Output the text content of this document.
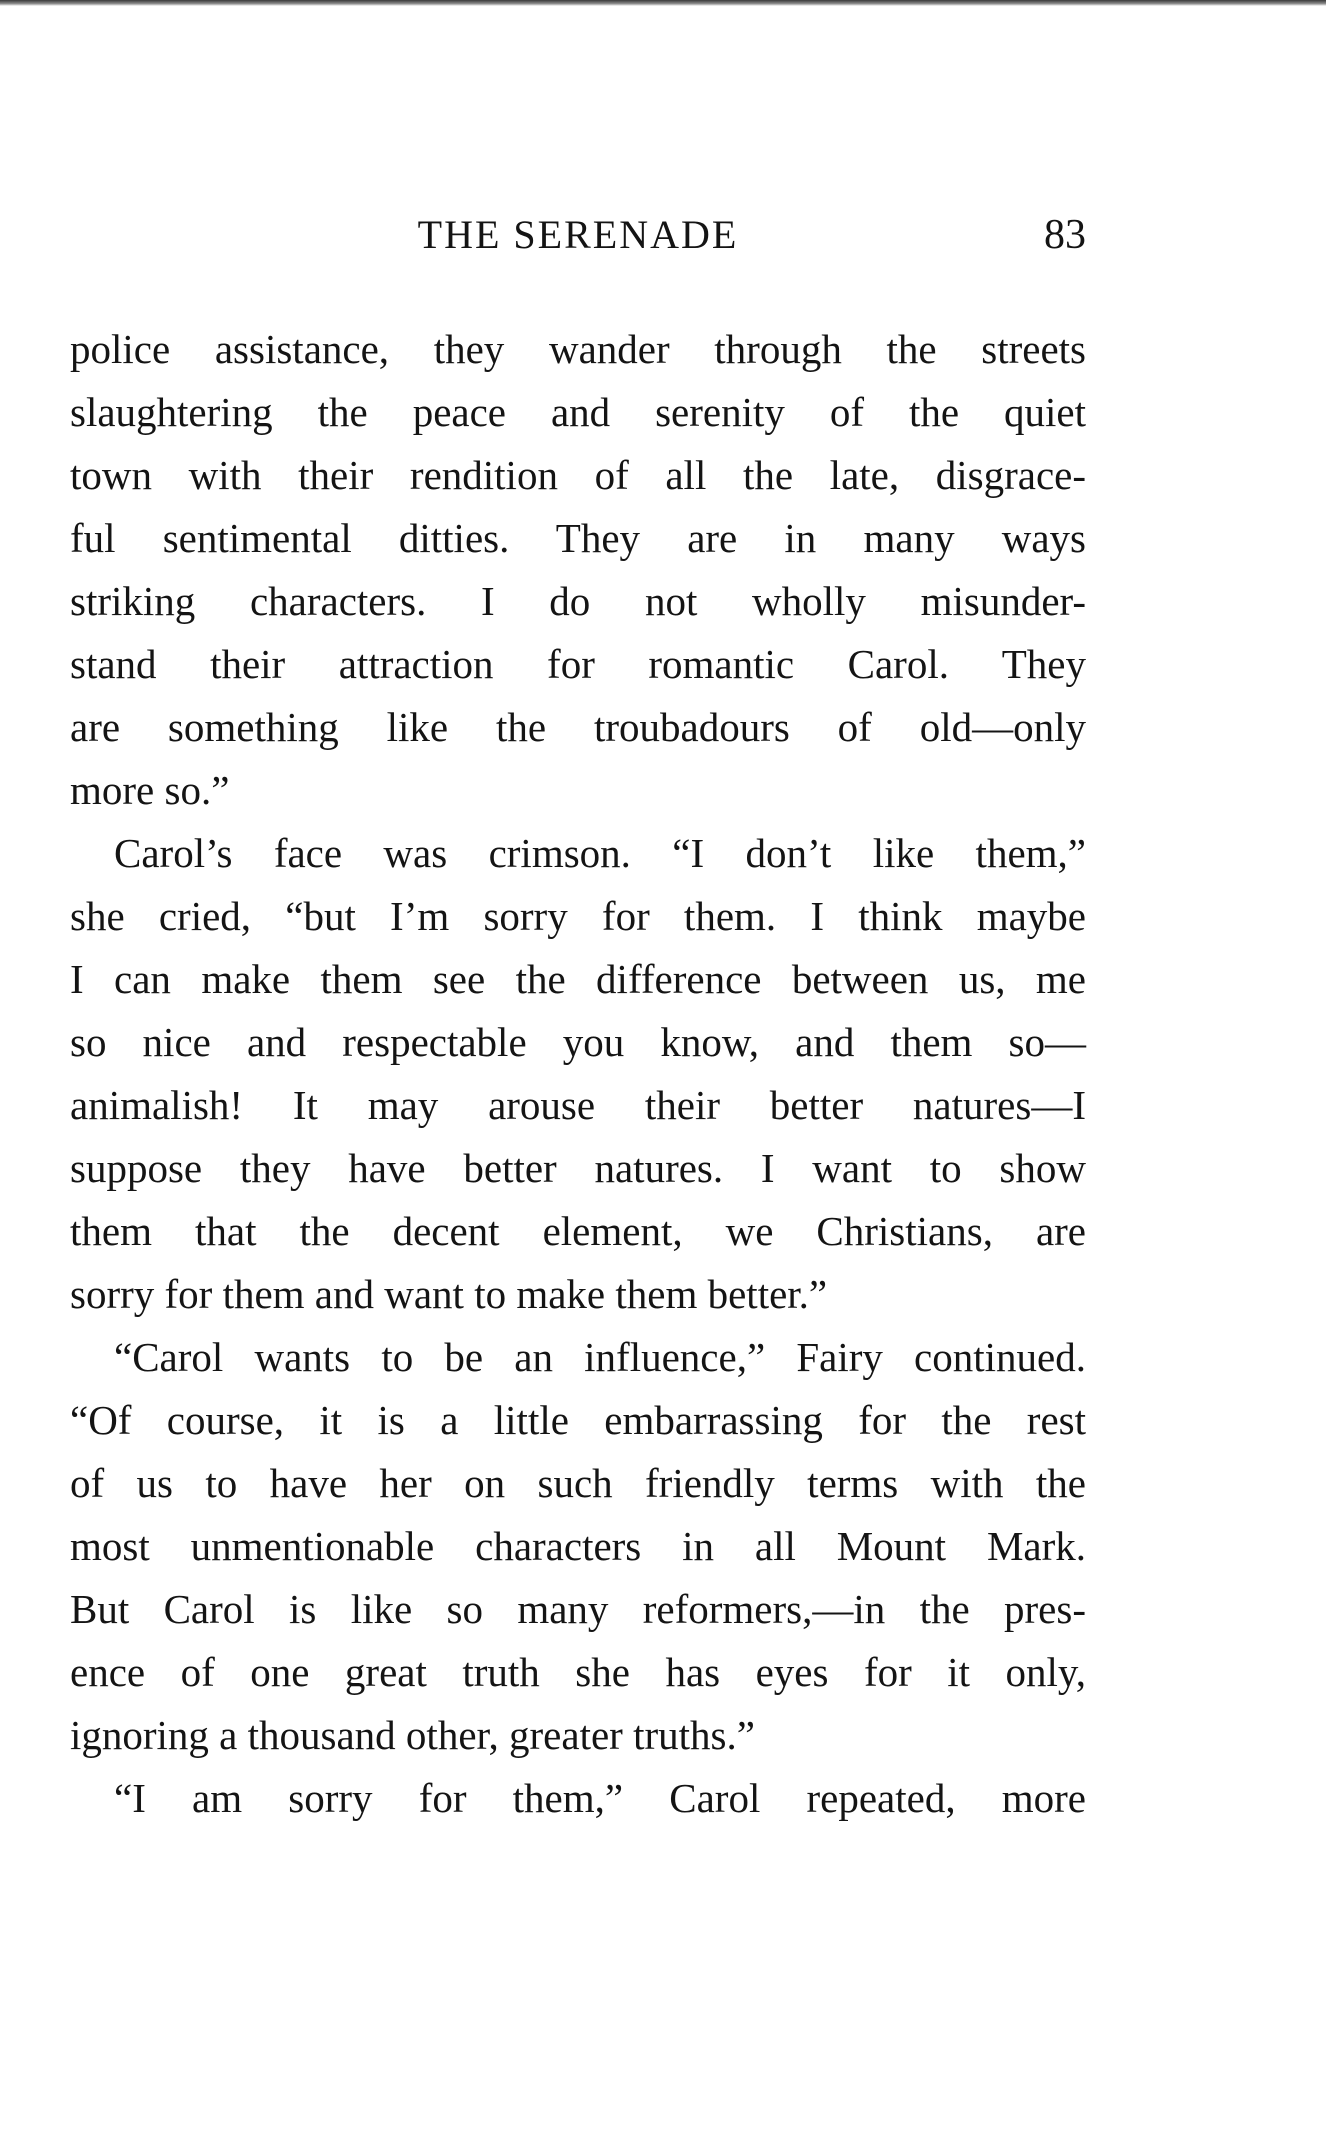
THE SERENADE	83
police assistance, they wander through the streets
slaughtering the peace and serenity of the quiet
town with their rendition of all the late, disgrace-
ful sentimental ditties. They are in many ways
striking characters. I do not wholly misunder-
stand their attraction for romantic Carol. They
are something like the troubadours of old—only
more so.”
Carol’s face was crimson. “I don’t like them,”
she cried, “but I’m sorry for them. I think maybe
I can make them see the difference between us, me
so nice and respectable you know, and them so—
animalish! It may arouse their better natures—I
suppose they have better natures. I want to show
them that the decent element, we Christians, are
sorry for them and want to make them better.”
“Carol wants to be an influence,” Fairy continued.
“Of course, it is a little embarrassing for the rest
of us to have her on such friendly terms with the
most unmentionable characters in all Mount Mark.
But Carol is like so many reformers,—in the pres-
ence of one great truth she has eyes for it only,
ignoring a thousand other, greater truths.”
“I am sorry for them,” Carol repeated, more
